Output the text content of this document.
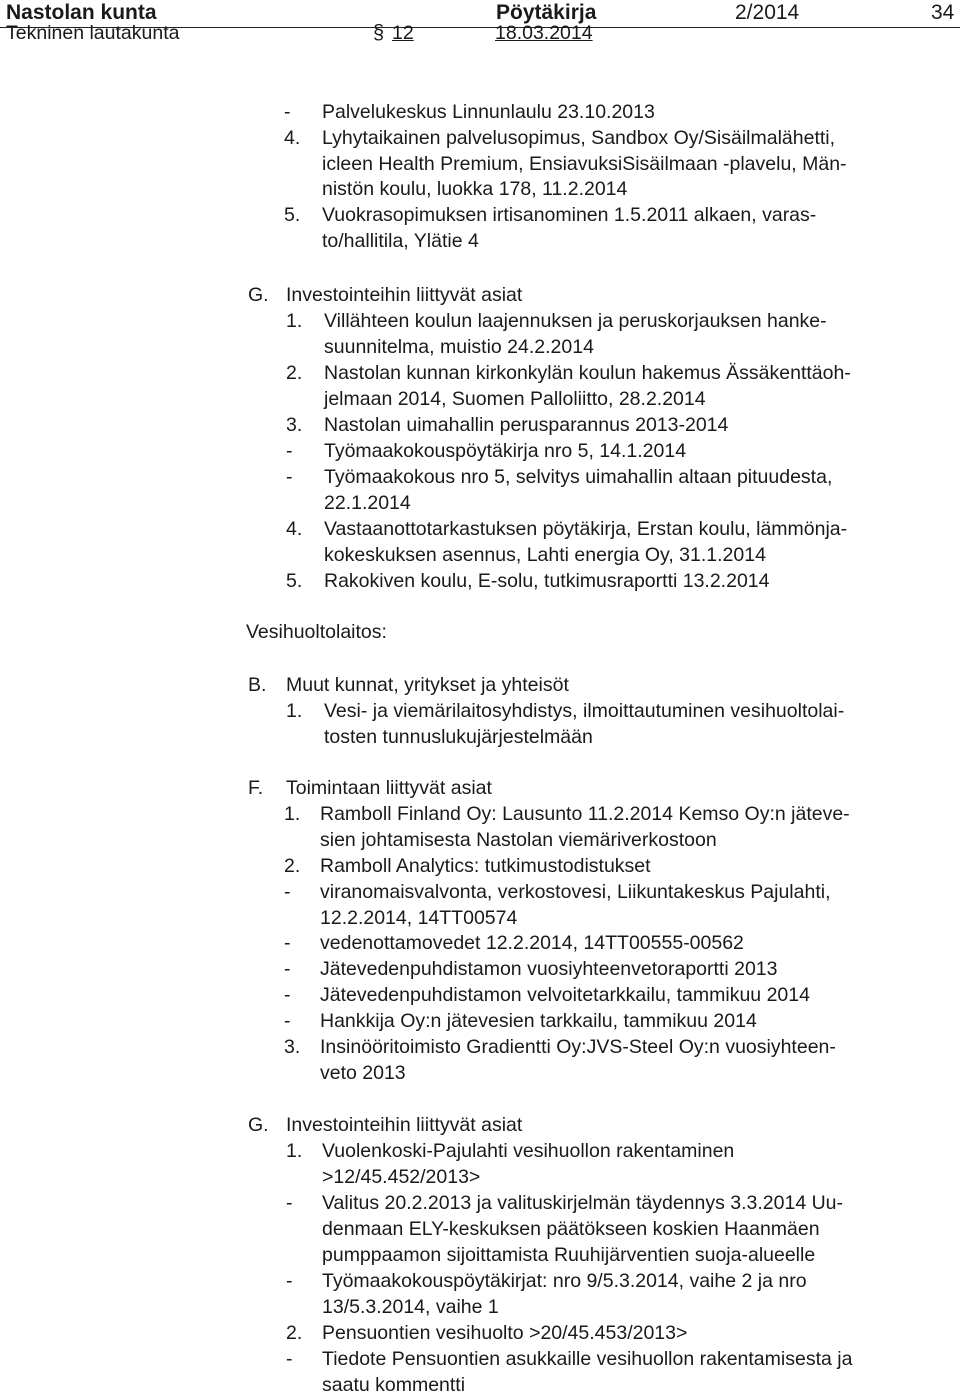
Nastolan kunta	Pöytäkirja	2/2014	34
Tekninen lautakunta	§ 12	18.03.2014
- Palvelukeskus Linnunlaulu 23.10.2013
4. Lyhytaikainen palvelusopimus, Sandbox Oy/Sisäilmalähetti,
icleen Health Premium, EnsiavuksiSisäilmaan -plavelu, Män-
nistön koulu, luokka 178, 11.2.2014
5. Vuokrasopimuksen irtisanominen 1.5.2011 alkaen, varas-
to/hallitila, Ylätie 4
G. Investointeihin liittyvät asiat
1. Villähteen koulun laajennuksen ja peruskorjauksen hanke-
suunnitelma, muistio 24.2.2014
2. Nastolan kunnan kirkonkylän koulun hakemus Ässäkenttäoh-
jelmaan 2014, Suomen Palloliitto, 28.2.2014
3. Nastolan uimahallin perusparannus 2013-2014
- Työmaakokouspöytäkirja nro 5, 14.1.2014
- Työmaakokous nro 5, selvitys uimahallin altaan pituudesta,
22.1.2014
4. Vastaanottotarkastuksen pöytäkirja, Erstan koulu, lämmönja-
kokeskuksen asennus, Lahti energia Oy, 31.1.2014
5. Rakokiven koulu, E-solu, tutkimusraportti 13.2.2014
Vesihuoltolaitos:
B. Muut kunnat, yritykset ja yhteisöt
1. Vesi- ja viemärilaitosyhdistys, ilmoittautuminen vesihuoltolai-
tosten tunnuslukujärjestelmään
F. Toimintaan liittyvät asiat
1. Ramboll Finland Oy: Lausunto 11.2.2014 Kemso Oy:n jäteve-
sien johtamisesta Nastolan viemäriverkostoon
2. Ramboll Analytics: tutkimustodistukset
- viranomaisvalvonta, verkostovesi, Liikuntakeskus Pajulahti,
12.2.2014, 14TT00574
- vedenottamovedet 12.2.2014, 14TT00555-00562
- Jätevedenpuhdistamon vuosiyhteenvetoraportti 2013
- Jätevedenpuhdistamon velvoitetarkkailu, tammikuu 2014
- Hankkija Oy:n jätevesien tarkkailu, tammikuu 2014
3. Insinööritoimisto Gradientti Oy:JVS-Steel Oy:n vuosiyhteen-
veto 2013
G. Investointeihin liittyvät asiat
1. Vuolenkoski-Pajulahti vesihuollon rakentaminen
>12/45.452/2013>
- Valitus 20.2.2013 ja valituskirjelmän täydennys 3.3.2014 Uu-
denmaan ELY-keskuksen päätökseen koskien Haanmäen
pumppaamon sijoittamista Ruuhijärventien suoja-alueelle
- Työmaakokouspöytäkirjat: nro 9/5.3.2014, vaihe 2 ja nro
13/5.3.2014, vaihe 1
2. Pensuontien vesihuolto >20/45.453/2013>
- Tiedote Pensuontien asukkaille vesihuollon rakentamisesta ja
saatu kommentti
